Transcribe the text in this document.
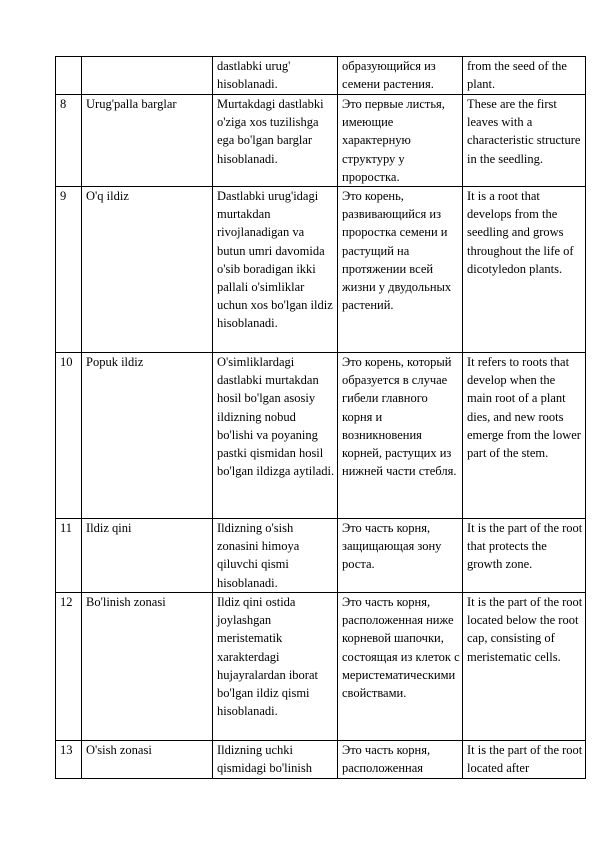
		dastlabki urug' hisoblanadi.	образующийся из семени растения.	from the seed of the plant.
8	Urug'palla barglar	Murtakdagi dastlabki o'ziga xos tuzilishga ega bo'lgan barglar hisoblanadi.	Это первые листья, имеющие характерную структуру у проростка.	These are the first leaves with a characteristic structure in the seedling.
9	O'q ildiz	Dastlabki urug'idagi murtakdan rivojlanadigan va butun umri davomida o'sib boradigan ikki pallali o'simliklar uchun xos bo'lgan ildiz hisoblanadi.	Это корень, развивающийся из проростка семени и растущий на протяжении всей жизни у двудольных растений.	It is a root that develops from the seedling and grows throughout the life of dicotyledon plants.
10	Popuk ildiz	O'simliklardagi dastlabki murtakdan hosil bo'lgan asosiy ildizning nobud bo'lishi va poyaning pastki qismidan hosil bo'lgan ildizga aytiladi.	Это корень, который образуется в случае гибели главного корня и возникновения корней, растущих из нижней части стебля.	It refers to roots that develop when the main root of a plant dies, and new roots emerge from the lower part of the stem.
11	Ildiz qini	Ildizning o'sish zonasini himoya qiluvchi qismi hisoblanadi.	Это часть корня, защищающая зону роста.	It is the part of the root that protects the growth zone.
12	Bo'linish zonasi	Ildiz qini ostida joylashgan meristematik xarakterdagi hujayralardan iborat bo'lgan ildiz qismi hisoblanadi.	Это часть корня, расположенная ниже корневой шапочки, состоящая из клеток с меристематическими свойствами.	It is the part of the root located below the root cap, consisting of meristematic cells.
13	O'sish zonasi	Ildizning uchki qismidagi bo'linish	Это часть корня, расположенная	It is the part of the root located after
